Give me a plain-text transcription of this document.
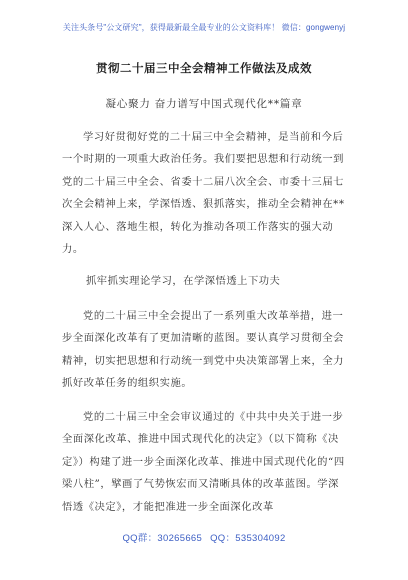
关注头条号"公文研究"，获得最新最全最专业的公文资料库！ 微信：gongwenyj
贯彻二十届三中全会精神工作做法及成效
凝心聚力 奋力谱写中国式现代化**篇章
学习好贯彻好党的二十届三中全会精神，是当前和今后一个时期的一项重大政治任务。我们要把思想和行动统一到党的二十届三中全会、省委十二届八次全会、市委十三届七次全会精神上来，学深悟透、狠抓落实，推动全会精神在**深入人心、落地生根，转化为推动各项工作落实的强大动力。
抓牢抓实理论学习，在学深悟透上下功夫
党的二十届三中全会提出了一系列重大改革举措，进一步全面深化改革有了更加清晰的蓝图。要认真学习贯彻全会精神，切实把思想和行动统一到党中央决策部署上来，全力抓好改革任务的组织实施。
党的二十届三中全会审议通过的《中共中央关于进一步全面深化改革、推进中国式现代化的决定》（以下简称《决定》）构建了进一步全面深化改革、推进中国式现代化的“四梁八柱”，擘画了气势恢宏而又清晰具体的改革蓝图。学深悟透《决定》，才能把准进一步全面深化改革
QQ群：30265665 QQ：535304092
